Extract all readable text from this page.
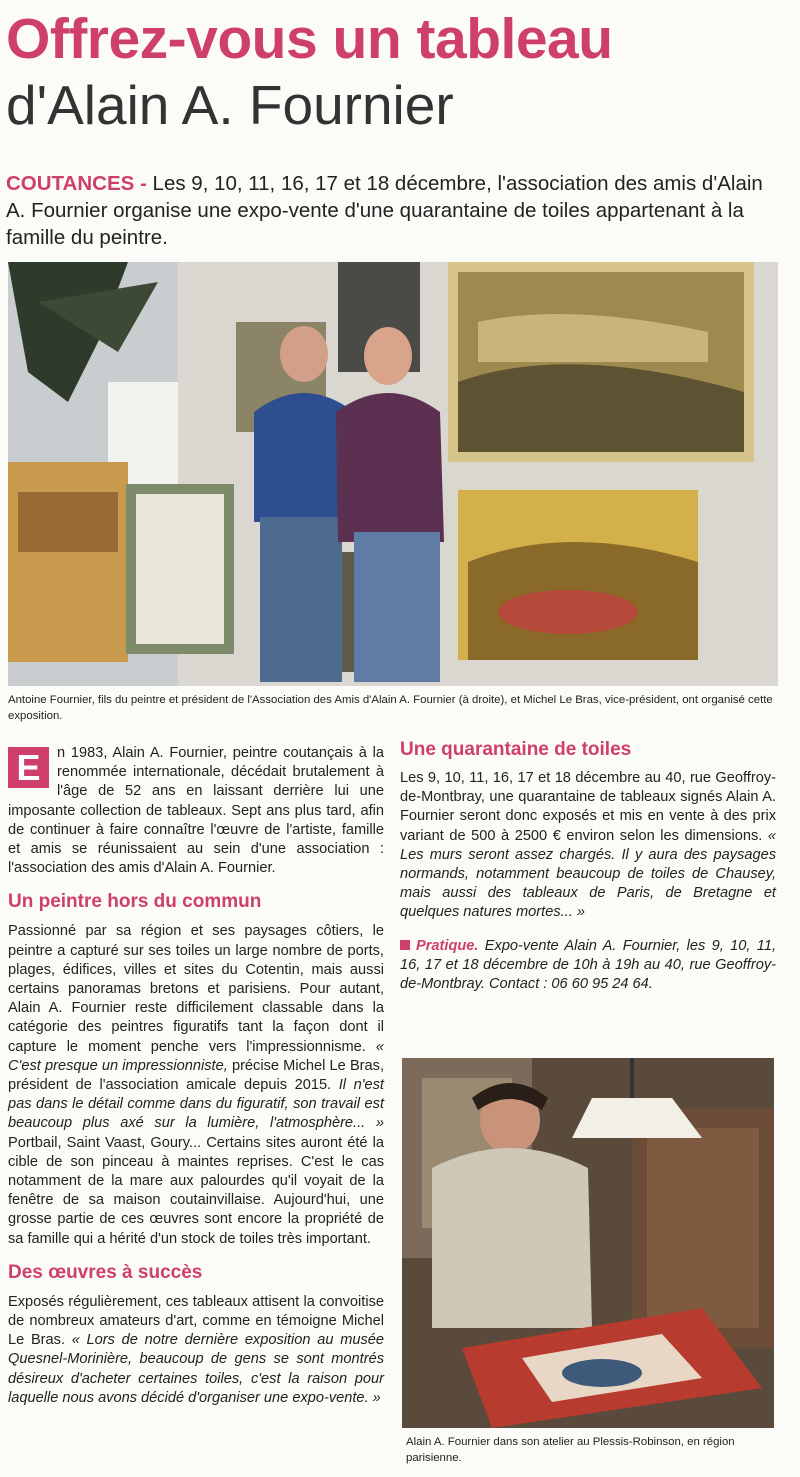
Offrez-vous un tableau
d'Alain A. Fournier
COUTANCES - Les 9, 10, 11, 16, 17 et 18 décembre, l'association des amis d'Alain A. Fournier organise une expo-vente d'une quarantaine de toiles appartenant à la famille du peintre.
Antoine Fournier, fils du peintre et président de l'Association des Amis d'Alain A. Fournier (à droite), et Michel Le Bras, vice-président, ont organisé cette exposition.

E	n 1983, Alain A. Fournier, peintre coutançais à la renommée internationale, décédait brutalement à l'âge de 52 ans en laissant derrière lui une imposante collection de tableaux. Sept ans plus tard, afin de continuer à faire connaître l'œuvre de l'artiste, famille et amis se réunissaient au sein d'une association : l'association des amis d'Alain A. Fournier.

Un peintre hors du commun

Passionné par sa région et ses paysages côtiers, le peintre a capturé sur ses toiles un large nombre de ports, plages, édifices, villes et sites du Cotentin, mais aussi certains panoramas bretons et parisiens. Pour autant, Alain A. Fournier reste difficilement classable dans la catégorie des peintres figuratifs tant la façon dont il capture le moment penche vers l'impressionnisme. « C'est presque un impressionniste, précise Michel Le Bras, président de l'association amicale depuis 2015. Il n'est pas dans le détail comme dans du figuratif, son travail est beaucoup plus axé sur la lumière, l'atmosphère... » Portbail, Saint Vaast, Goury... Certains sites auront été la cible de son pinceau à maintes reprises. C'est le cas notamment de la mare aux palourdes qu'il voyait de la fenêtre de sa maison coutainvillaise. Aujourd'hui, une grosse partie de ces œuvres sont encore la propriété de sa famille qui a hérité d'un stock de toiles très important.

Des œuvres à succès

Exposés régulièrement, ces tableaux attisent la convoitise de nombreux amateurs d'art, comme en témoigne Michel Le Bras. « Lors de notre dernière exposition au musée Quesnel-Morinière, beaucoup de gens se sont montrés désireux d'acheter certaines toiles, c'est la raison pour laquelle nous avons décidé d'organiser une expo-vente. »

Une quarantaine de toiles

Les 9, 10, 11, 16, 17 et 18 décembre au 40, rue Geoffroy-de-Montbray, une quarantaine de tableaux signés Alain A. Fournier seront donc exposés et mis en vente à des prix variant de 500 à 2500 € environ selon les dimensions. « Les murs seront assez chargés. Il y aura des paysages normands, notamment beaucoup de toiles de Chausey, mais aussi des tableaux de Paris, de Bretagne et quelques natures mortes... »

Pratique. Expo-vente Alain A. Fournier, les 9, 10, 11, 16, 17 et 18 décembre de 10h à 19h au 40, rue Geoffroy-de-Montbray. Contact : 06 60 95 24 64.

Alain A. Fournier dans son atelier au Plessis-Robinson, en région parisienne.
